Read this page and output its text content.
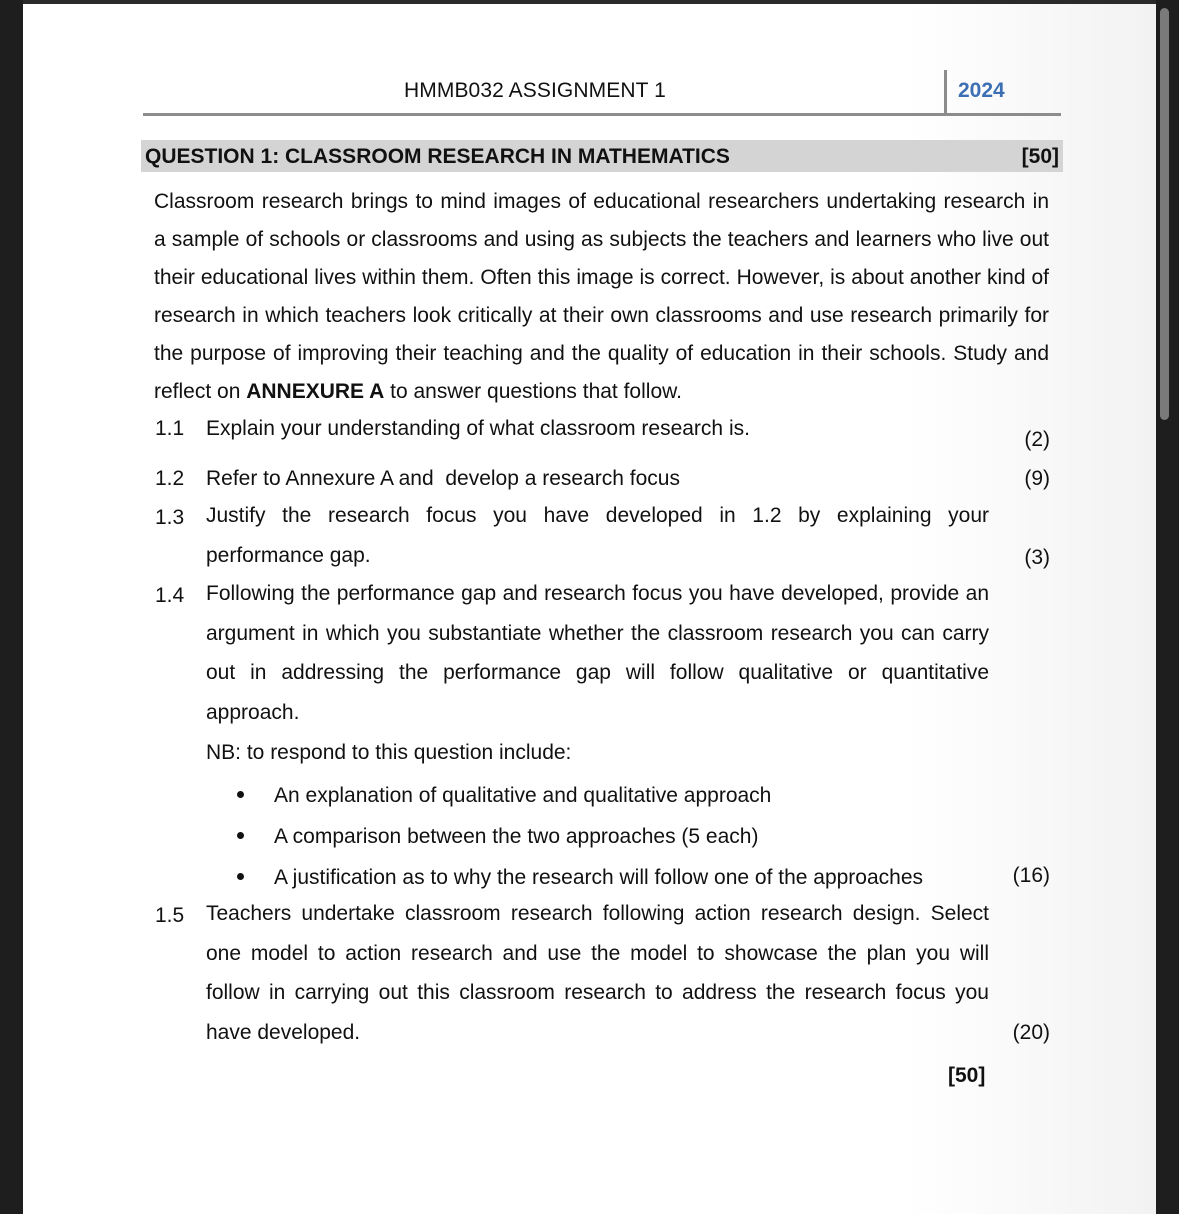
HMMB032 ASSIGNMENT 1	2024
QUESTION 1: CLASSROOM RESEARCH IN MATHEMATICS	[50]
Classroom research brings to mind images of educational researchers undertaking research in a sample of schools or classrooms and using as subjects the teachers and learners who live out their educational lives within them. Often this image is correct. However, is about another kind of research in which teachers look critically at their own classrooms and use research primarily for the purpose of improving their teaching and the quality of education in their schools. Study and reflect on ANNEXURE A to answer questions that follow.
1.1 Explain your understanding of what classroom research is.	(2)
1.2 Refer to Annexure A and  develop a research focus	(9)
1.3 Justify the research focus you have developed in 1.2 by explaining your performance gap.	(3)
1.4 Following the performance gap and research focus you have developed, provide an argument in which you substantiate whether the classroom research you can carry out in addressing the performance gap will follow qualitative or quantitative approach.
NB: to respond to this question include:
An explanation of qualitative and qualitative approach
A comparison between the two approaches (5 each)
A justification as to why the research will follow one of the approaches	(16)
1.5 Teachers undertake classroom research following action research design. Select one model to action research and use the model to showcase the plan you will follow in carrying out this classroom research to address the research focus you have developed.	(20)
[50]
